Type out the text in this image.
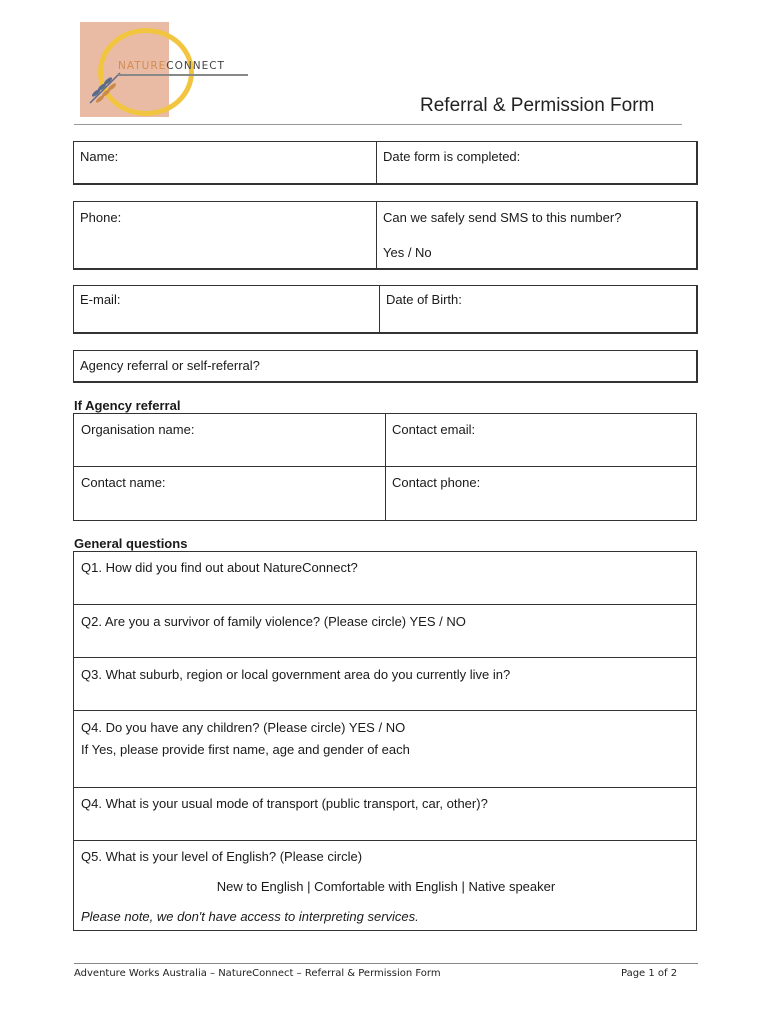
NATURECONNECT
Referral & Permission Form
Name:	Date form is completed:
Phone:	Can we safely send SMS to this number?
Yes / No
E-mail:	Date of Birth:
Agency referral or self-referral?
If Agency referral
Organisation name:	Contact email:
Contact name:	Contact phone:
General questions
Q1. How did you find out about NatureConnect?
Q2. Are you a survivor of family violence? (Please circle) YES / NO
Q3. What suburb, region or local government area do you currently live in?
Q4. Do you have any children? (Please circle) YES / NO
If Yes, please provide first name, age and gender of each
Q4. What is your usual mode of transport (public transport, car, other)?
Q5. What is your level of English? (Please circle)
New to English | Comfortable with English | Native speaker
Please note, we don't have access to interpreting services.
Adventure Works Australia – NatureConnect – Referral & Permission Form	Page 1 of 2
